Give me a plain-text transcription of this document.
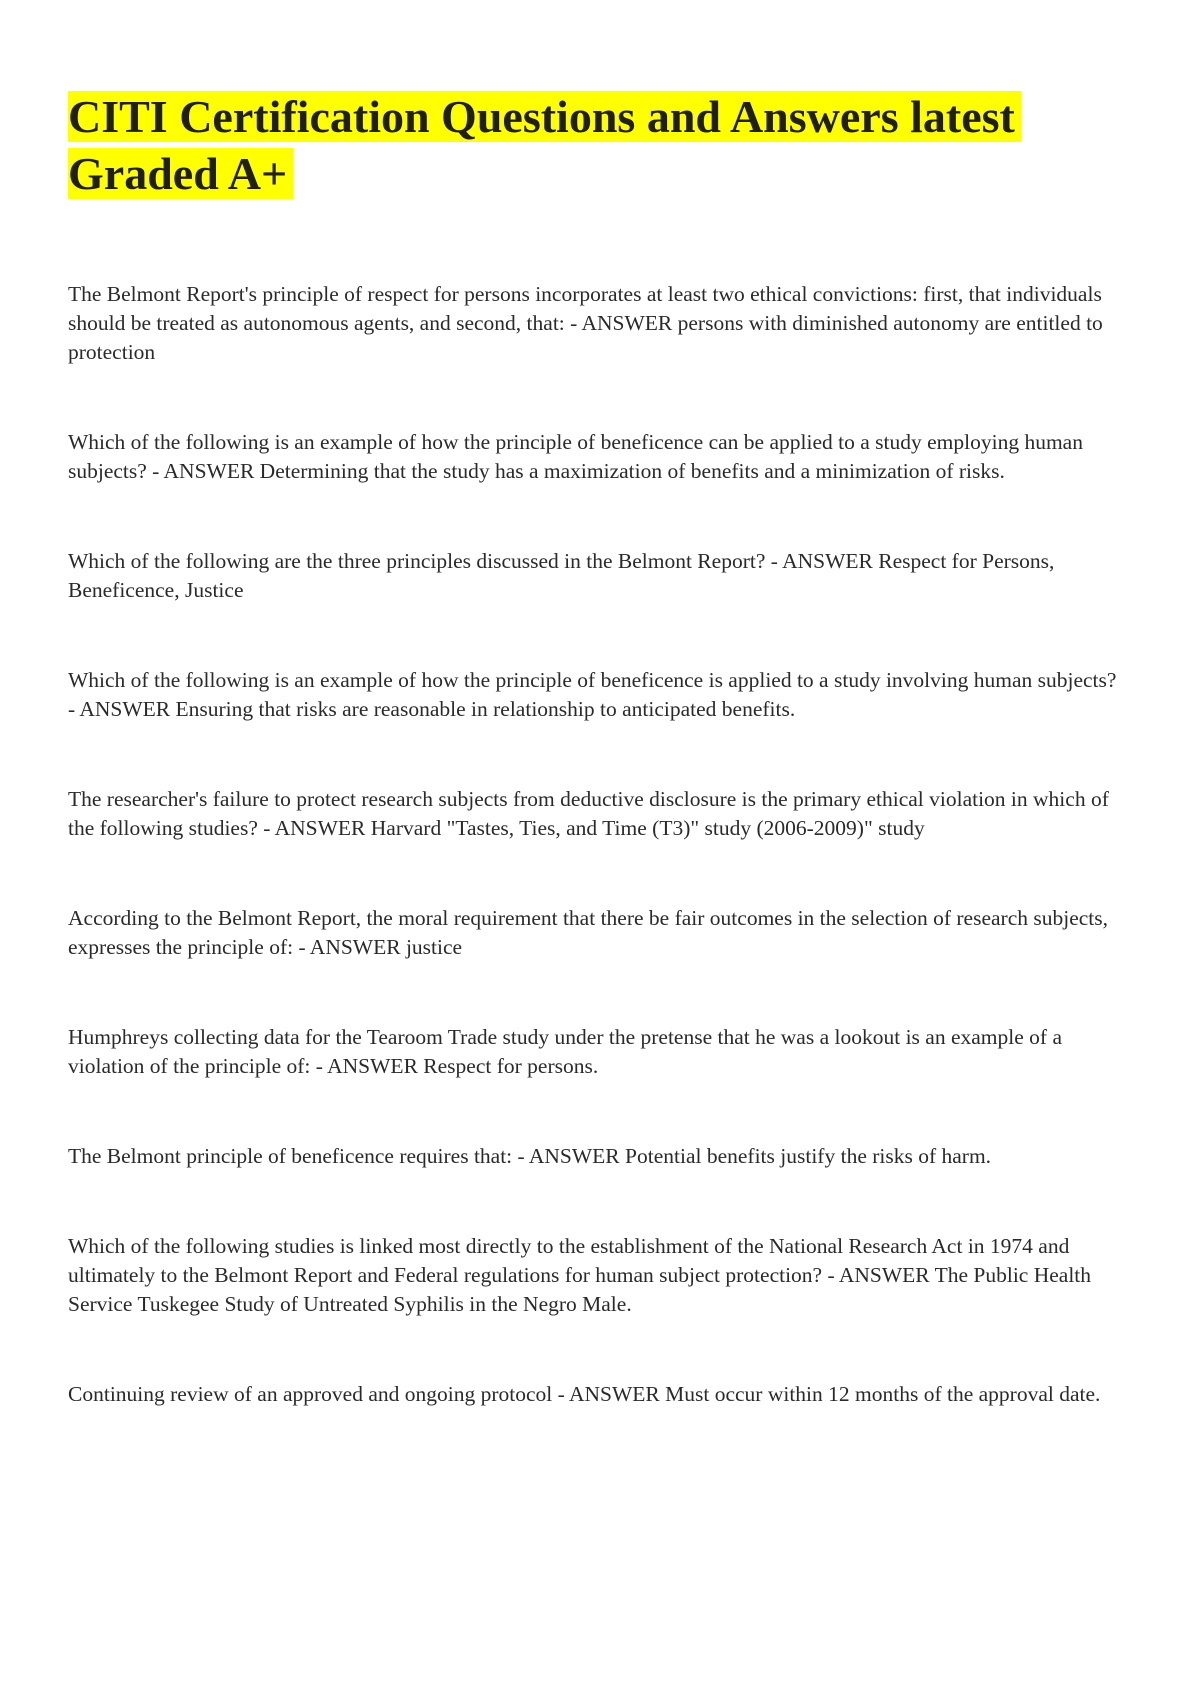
CITI Certification Questions and Answers latest Graded A+
The Belmont Report's principle of respect for persons incorporates at least two ethical convictions: first, that individuals should be treated as autonomous agents, and second, that: - ANSWER persons with diminished autonomy are entitled to protection
Which of the following is an example of how the principle of beneficence can be applied to a study employing human subjects? - ANSWER Determining that the study has a maximization of benefits and a minimization of risks.
Which of the following are the three principles discussed in the Belmont Report? - ANSWER Respect for Persons, Beneficence, Justice
Which of the following is an example of how the principle of beneficence is applied to a study involving human subjects? - ANSWER Ensuring that risks are reasonable in relationship to anticipated benefits.
The researcher's failure to protect research subjects from deductive disclosure is the primary ethical violation in which of the following studies? - ANSWER Harvard "Tastes, Ties, and Time (T3)" study (2006-2009)" study
According to the Belmont Report, the moral requirement that there be fair outcomes in the selection of research subjects, expresses the principle of: - ANSWER justice
Humphreys collecting data for the Tearoom Trade study under the pretense that he was a lookout is an example of a violation of the principle of: - ANSWER Respect for persons.
The Belmont principle of beneficence requires that: - ANSWER Potential benefits justify the risks of harm.
Which of the following studies is linked most directly to the establishment of the National Research Act in 1974 and ultimately to the Belmont Report and Federal regulations for human subject protection? - ANSWER The Public Health Service Tuskegee Study of Untreated Syphilis in the Negro Male.
Continuing review of an approved and ongoing protocol - ANSWER Must occur within 12 months of the approval date.
